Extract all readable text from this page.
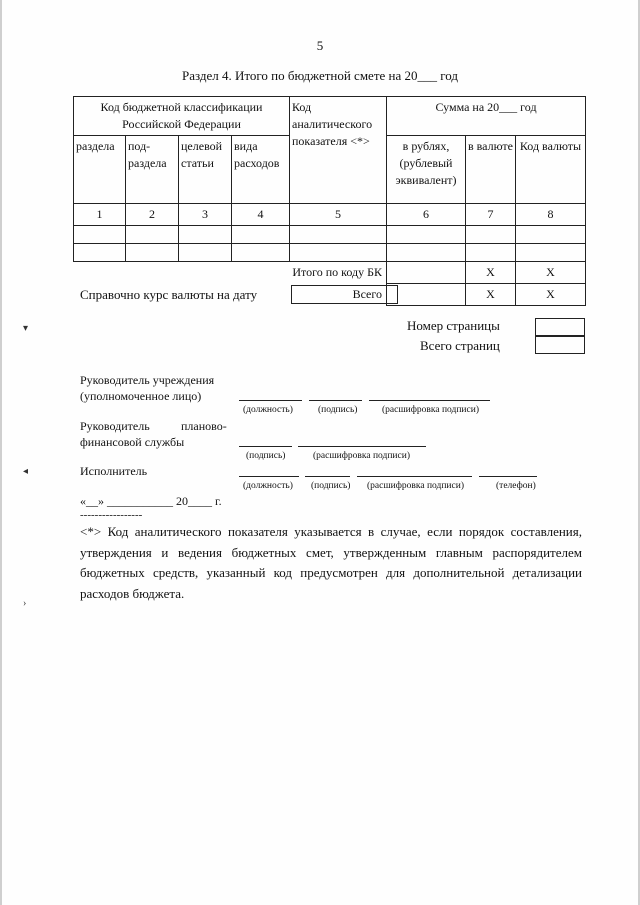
5
Раздел 4. Итого по бюджетной смете на 20___ год
Код бюджетной классификации Российской Федерации				Код аналитического показателя <*>	Сумма на 20___ год		
раздела	под-раздела	целевой статьи	вида расходов		в рублях, (рублевый эквивалент)	в валюте	Код валюты
1	2	3	4	5	6	7	8

Итого по коду БК						X	X
Всего						X	X
Справочно курс валюты на дату
Номер страницы
Всего страниц
Руководитель учреждения
(уполномоченное лицо)
(должность)	(подпись)	(расшифровка подписи)
Руководитель	планово-
финансовой службы
(подпись)	(расшифровка подписи)
Исполнитель
(должность) (подпись) (расшифровка подписи)	(телефон)
«__» ___________ 20____ г.
-----------------
<*> Код аналитического показателя указывается в случае, если порядок составления, утверждения и ведения бюджетных смет, утвержденным главным распорядителем бюджетных средств, указанный код предусмотрен для дополнительной детализации расходов бюджета.
▾
◂
›
